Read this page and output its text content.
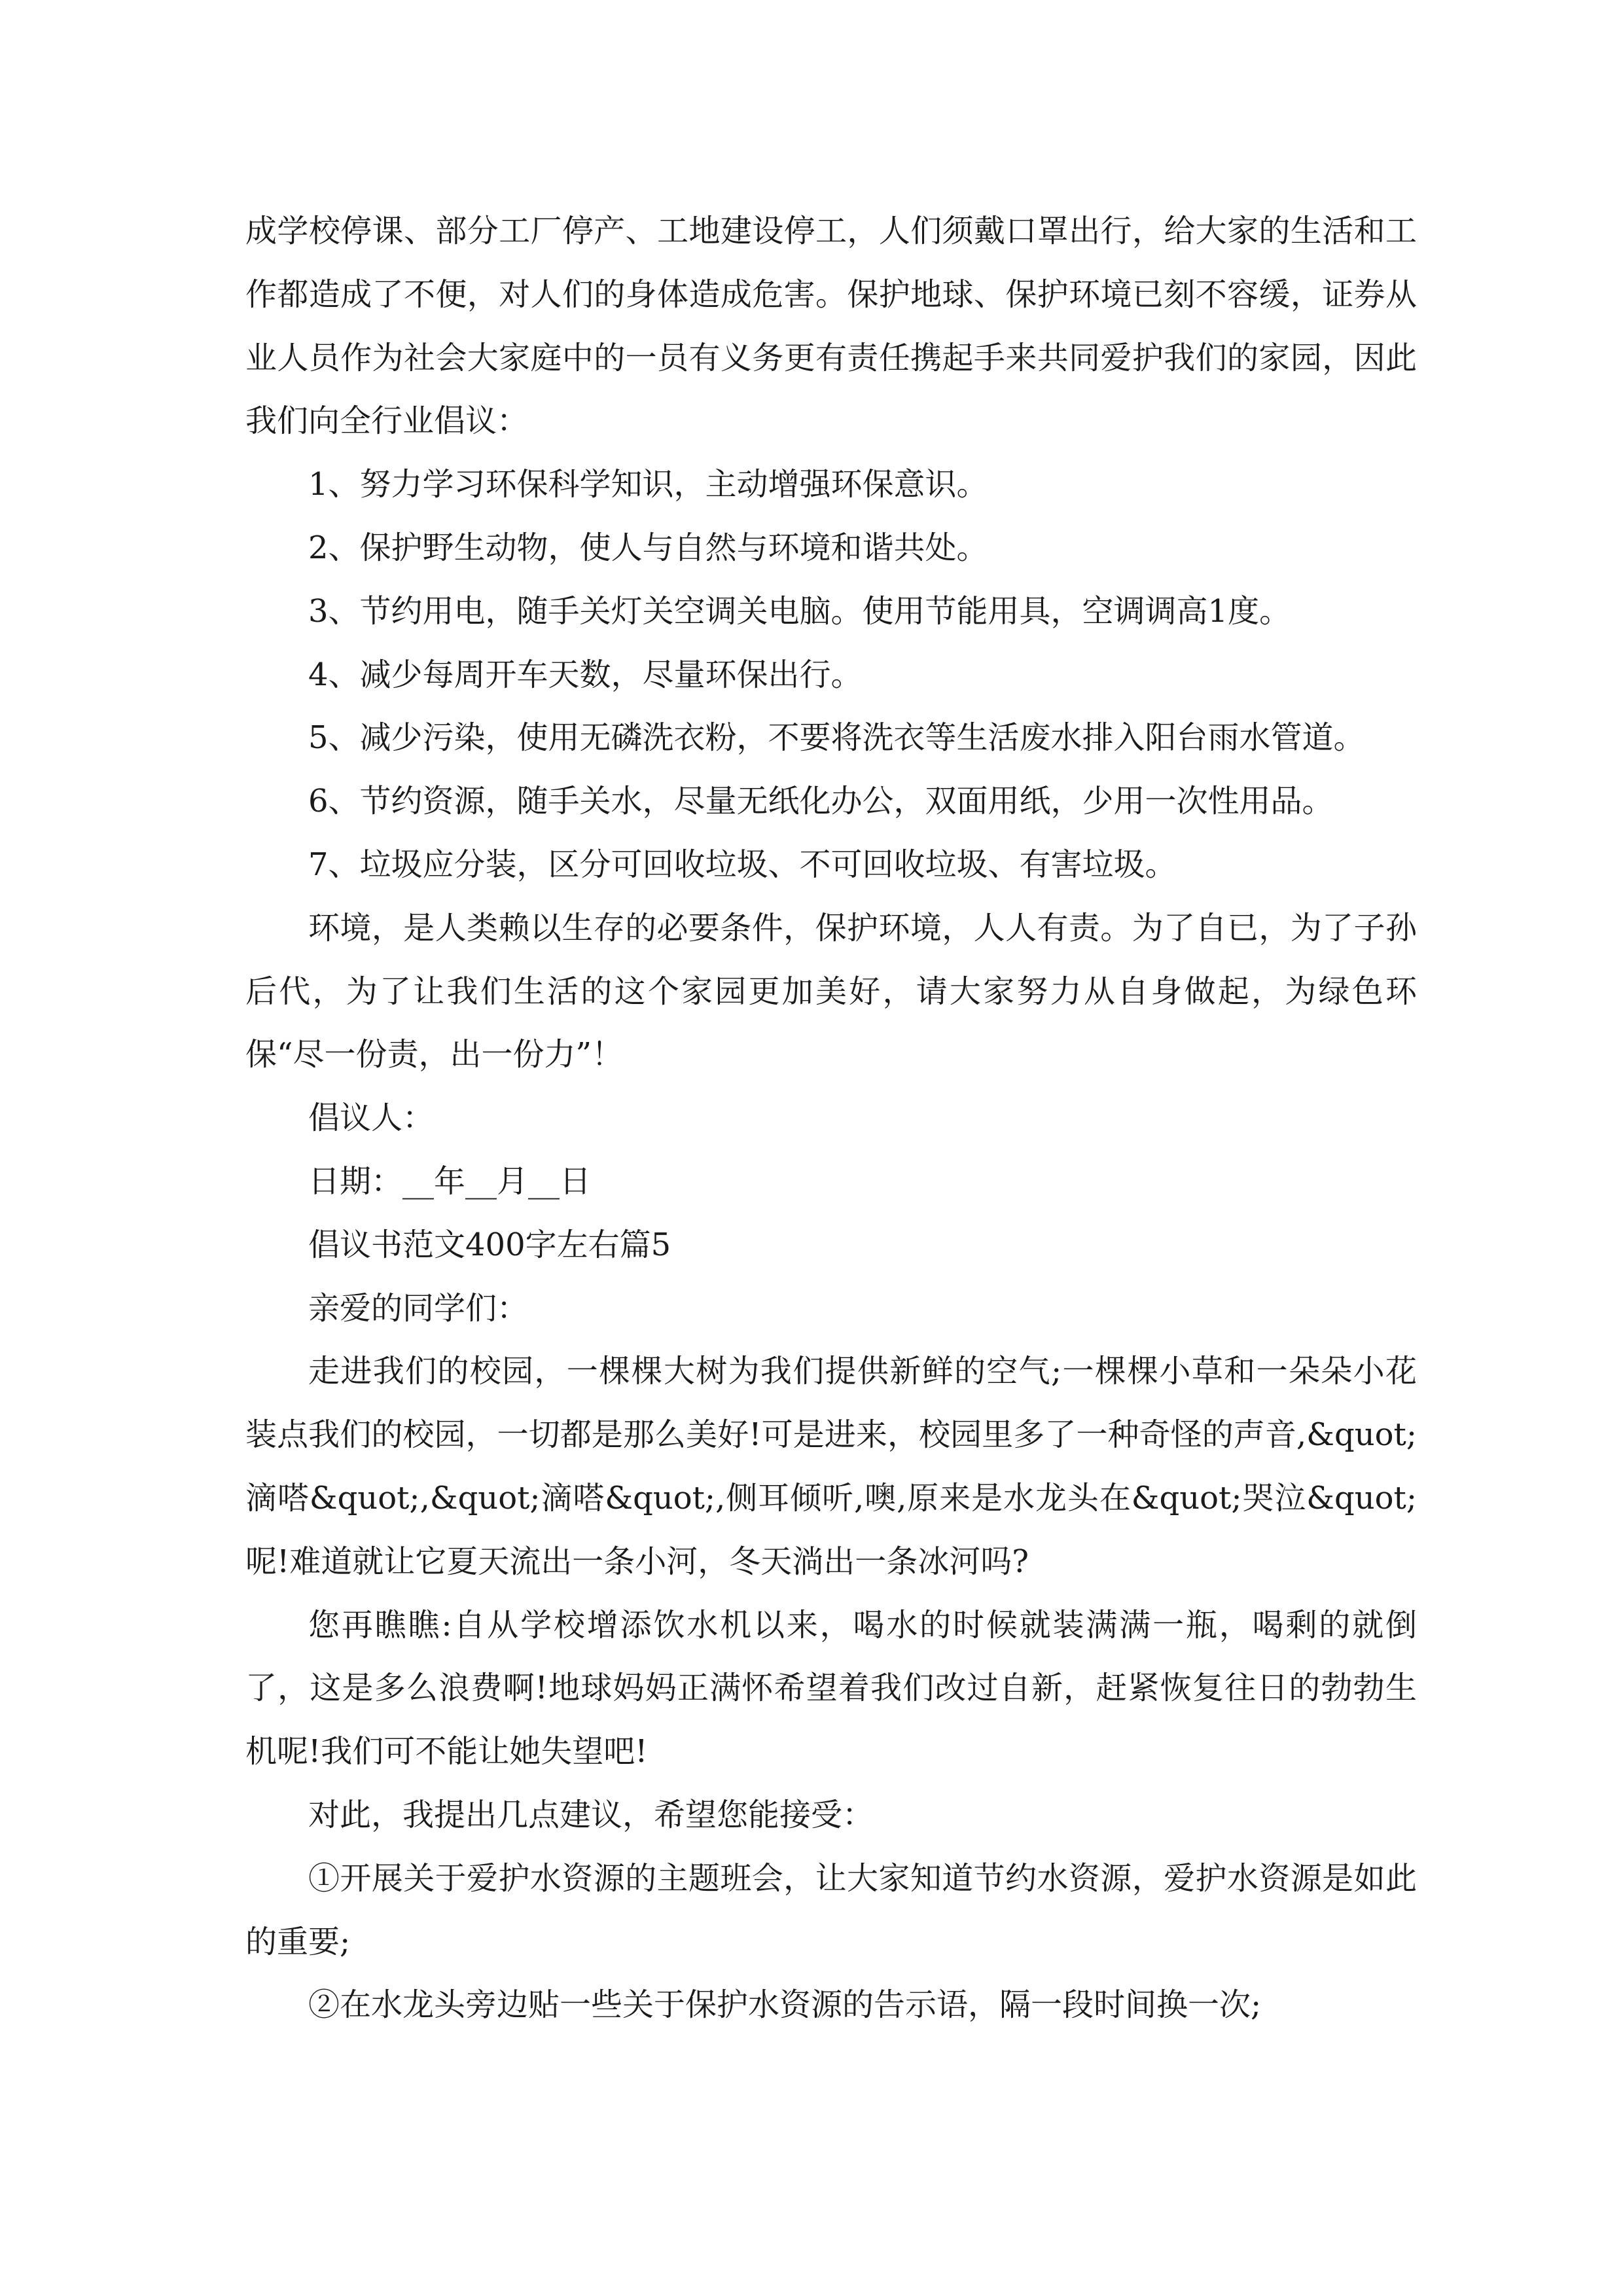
成学校停课、部分工厂停产、工地建设停工，人们须戴口罩出行，给大家的生活和工作都造成了不便，对人们的身体造成危害。保护地球、保护环境已刻不容缓，证券从业人员作为社会大家庭中的一员有义务更有责任携起手来共同爱护我们的家园，因此我们向全行业倡议：

1、努力学习环保科学知识，主动增强环保意识。

2、保护野生动物，使人与自然与环境和谐共处。

3、节约用电，随手关灯关空调关电脑。使用节能用具，空调调高1度。

4、减少每周开车天数，尽量环保出行。

5、减少污染，使用无磷洗衣粉，不要将洗衣等生活废水排入阳台雨水管道。

6、节约资源，随手关水，尽量无纸化办公，双面用纸，少用一次性用品。

7、垃圾应分装，区分可回收垃圾、不可回收垃圾、有害垃圾。

环境，是人类赖以生存的必要条件，保护环境，人人有责。为了自已，为了子孙后代，为了让我们生活的这个家园更加美好，请大家努力从自身做起，为绿色环保“尽一份责，出一份力”！

倡议人：

日期：__年__月__日

倡议书范文400字左右篇5

亲爱的同学们：

走进我们的校园，一棵棵大树为我们提供新鲜的空气;一棵棵小草和一朵朵小花装点我们的校园，一切都是那么美好!可是进来，校园里多了一种奇怪的声音,&quot;滴嗒&quot;,&quot;滴嗒&quot;,侧耳倾听,噢,原来是水龙头在&quot;哭泣&quot;呢!难道就让它夏天流出一条小河，冬天淌出一条冰河吗?

您再瞧瞧:自从学校增添饮水机以来，喝水的时候就装满满一瓶，喝剩的就倒了，这是多么浪费啊!地球妈妈正满怀希望着我们改过自新，赶紧恢复往日的勃勃生机呢!我们可不能让她失望吧!

对此，我提出几点建议，希望您能接受：

①开展关于爱护水资源的主题班会，让大家知道节约水资源，爱护水资源是如此的重要;

②在水龙头旁边贴一些关于保护水资源的告示语，隔一段时间换一次;
